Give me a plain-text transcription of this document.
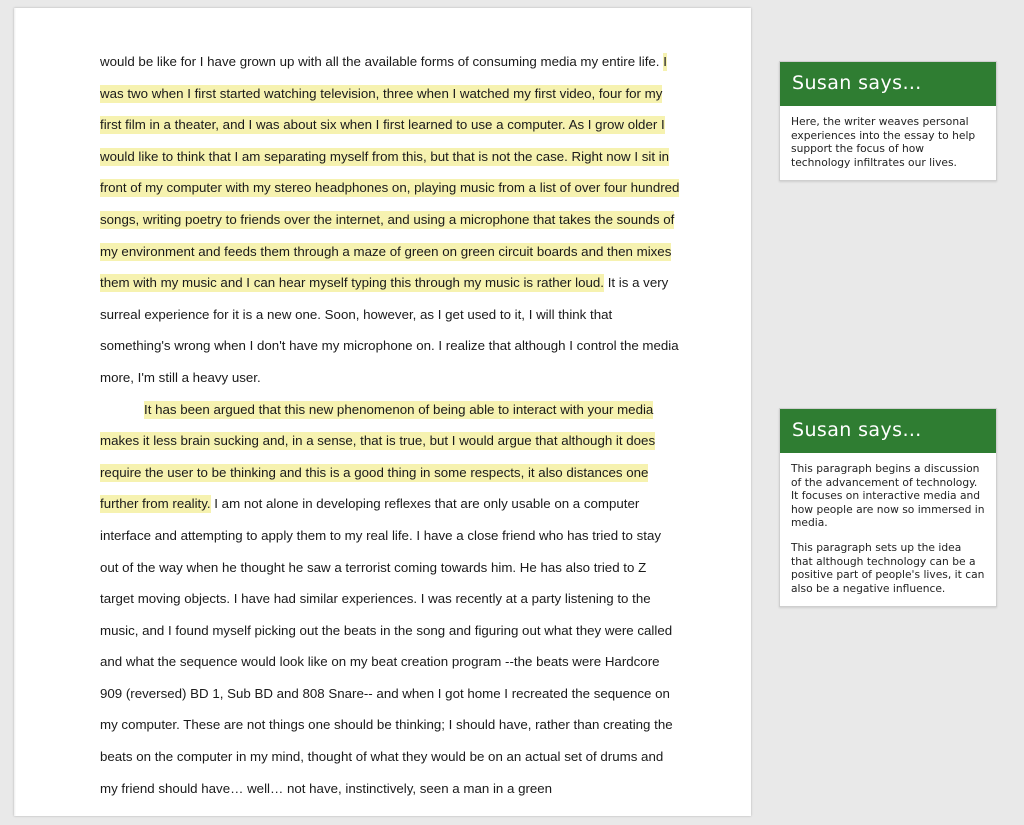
would be like for I have grown up with all the available forms of consuming media my entire life. I was two when I first started watching television, three when I watched my first video, four for my first film in a theater, and I was about six when I first learned to use a computer. As I grow older I would like to think that I am separating myself from this, but that is not the case. Right now I sit in front of my computer with my stereo headphones on, playing music from a list of over four hundred songs, writing poetry to friends over the internet, and using a microphone that takes the sounds of my environment and feeds them through a maze of green on green circuit boards and then mixes them with my music and I can hear myself typing this through my music is rather loud. It is a very surreal experience for it is a new one. Soon, however, as I get used to it, I will think that something's wrong when I don't have my microphone on. I realize that although I control the media more, I'm still a heavy user.

It has been argued that this new phenomenon of being able to interact with your media makes it less brain sucking and, in a sense, that is true, but I would argue that although it does require the user to be thinking and this is a good thing in some respects, it also distances one further from reality. I am not alone in developing reflexes that are only usable on a computer interface and attempting to apply them to my real life. I have a close friend who has tried to stay out of the way when he thought he saw a terrorist coming towards him. He has also tried to Z target moving objects. I have had similar experiences. I was recently at a party listening to the music, and I found myself picking out the beats in the song and figuring out what they were called and what the sequence would look like on my beat creation program --the beats were Hardcore 909 (reversed) BD 1, Sub BD and 808 Snare-- and when I got home I recreated the sequence on my computer. These are not things one should be thinking; I should have, rather than creating the beats on the computer in my mind, thought of what they would be on an actual set of drums and my friend should have… well… not have, instinctively, seen a man in a green

Susan says…

Here, the writer weaves personal experiences into the essay to help support the focus of how technology infiltrates our lives.

Susan says…

This paragraph begins a discussion of the advancement of technology. It focuses on interactive media and how people are now so immersed in media.

This paragraph sets up the idea that although technology can be a positive part of people's lives, it can also be a negative influence.
